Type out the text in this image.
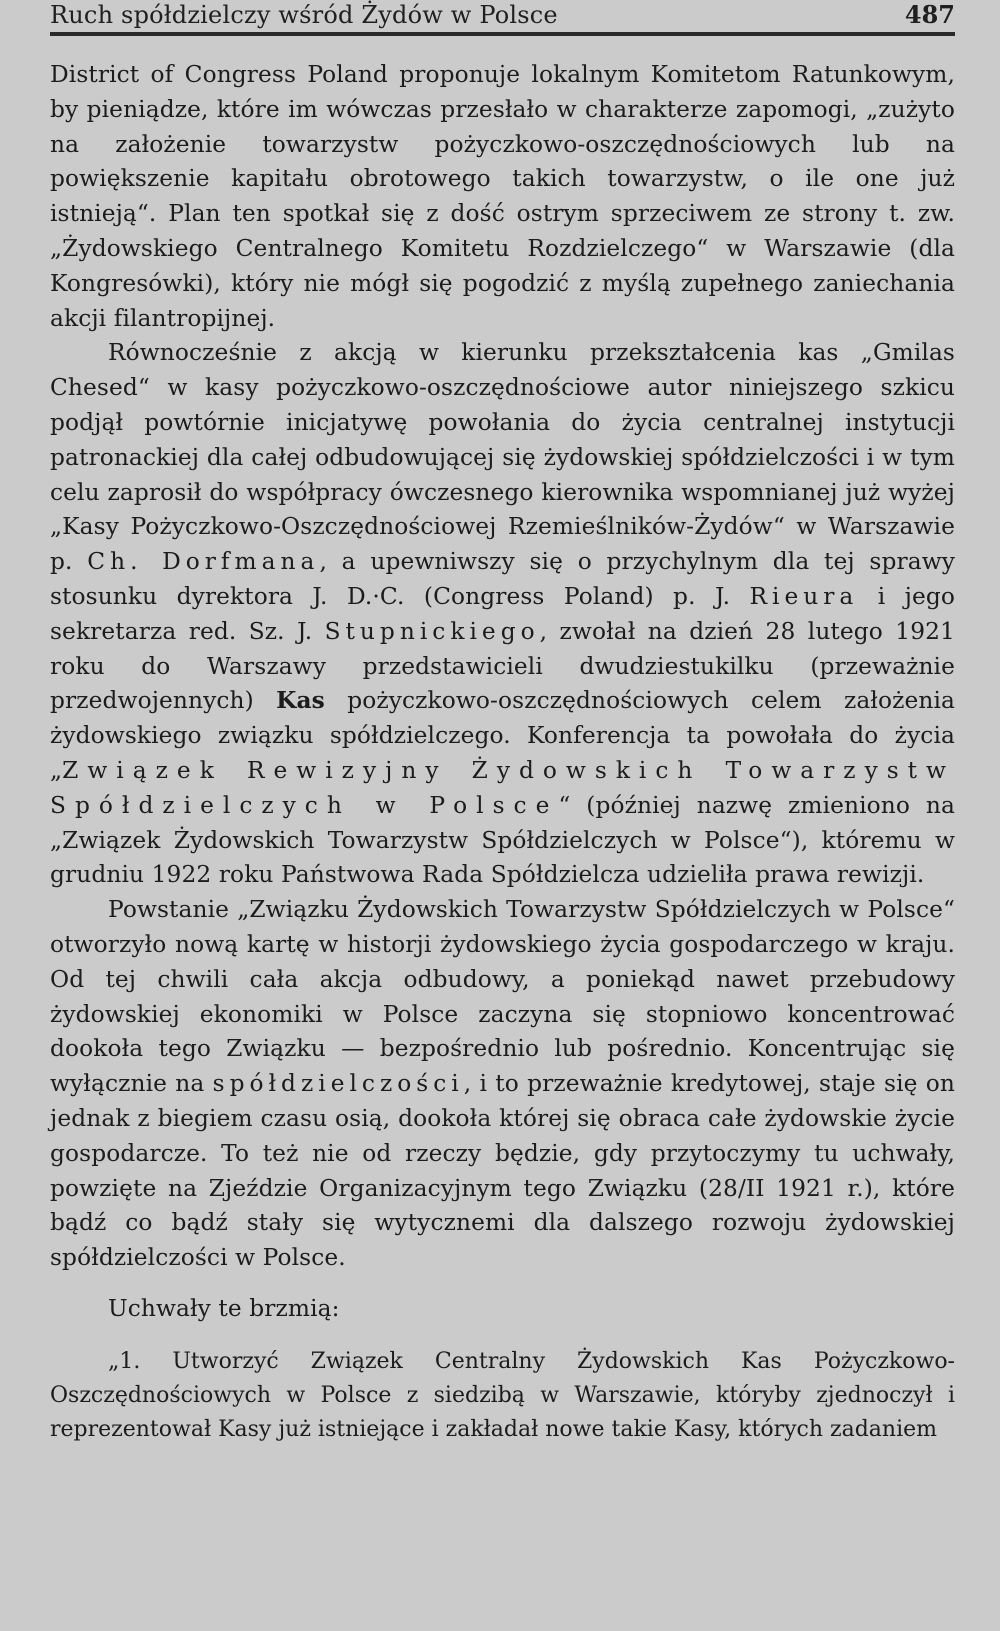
Ruch spółdzielczy wśród Żydów w Polsce	487

District of Congress Poland proponuje lokalnym Komitetom Ratunkowym, by pieniądze, które im wówczas przesłało w charakterze zapomogi, „zużyto na założenie towarzystw pożyczkowo-oszczędnościowych lub na powiększenie kapitału obrotowego takich towarzystw, o ile one już istnieją“. Plan ten spotkał się z dość ostrym sprzeciwem ze strony t. zw. „Żydowskiego Centralnego Komitetu Rozdzielczego“ w Warszawie (dla Kongresówki), który nie mógł się pogodzić z myślą zupełnego zaniechania akcji filantropijnej.

Równocześnie z akcją w kierunku przekształcenia kas „Gmilas Chesed“ w kasy pożyczkowo-oszczędnościowe autor niniejszego szkicu podjął powtórnie inicjatywę powołania do życia centralnej instytucji patronackiej dla całej odbudowującej się żydowskiej spółdzielczości i w tym celu zaprosił do współpracy ówczesnego kierownika wspomnianej już wyżej „Kasy Pożyczkowo-Oszczędnościowej Rzemieślników-Żydów“ w Warszawie p. Ch. Dorfmana, a upewniwszy się o przychylnym dla tej sprawy stosunku dyrektora J. D.·C. (Congress Poland) p. J. Rieura i jego sekretarza red. Sz. J. Stupnickiego, zwołał na dzień 28 lutego 1921 roku do Warszawy przedstawicieli dwudziestukilku (przeważnie przedwojennych) Kas pożyczkowo-oszczędnościowych celem założenia żydowskiego związku spółdzielczego. Konferencja ta powołała do życia „Związek Rewizyjny Żydowskich Towarzystw Spółdzielczych w Polsce“ (później nazwę zmieniono na „Związek Żydowskich Towarzystw Spółdzielczych w Polsce“), któremu w grudniu 1922 roku Państwowa Rada Spółdzielcza udzieliła prawa rewizji.

Powstanie „Związku Żydowskich Towarzystw Spółdzielczych w Polsce“ otworzyło nową kartę w historji żydowskiego życia gospodarczego w kraju. Od tej chwili cała akcja odbudowy, a poniekąd nawet przebudowy żydowskiej ekonomiki w Polsce zaczyna się stopniowo koncentrować dookoła tego Związku — bezpośrednio lub pośrednio. Koncentrując się wyłącznie na spółdzielczości, i to przeważnie kredytowej, staje się on jednak z biegiem czasu osią, dookoła której się obraca całe żydowskie życie gospodarcze. To też nie od rzeczy będzie, gdy przytoczymy tu uchwały, powzięte na Zjeździe Organizacyjnym tego Związku (28/II 1921 r.), które bądź co bądź stały się wytycznemi dla dalszego rozwoju żydowskiej spółdzielczości w Polsce.

Uchwały te brzmią:

„1. Utworzyć Związek Centralny Żydowskich Kas Pożyczkowo-Oszczędnościowych w Polsce z siedzibą w Warszawie, któryby zjednoczył i reprezentował Kasy już istniejące i zakładał nowe takie Kasy, których zadaniem
